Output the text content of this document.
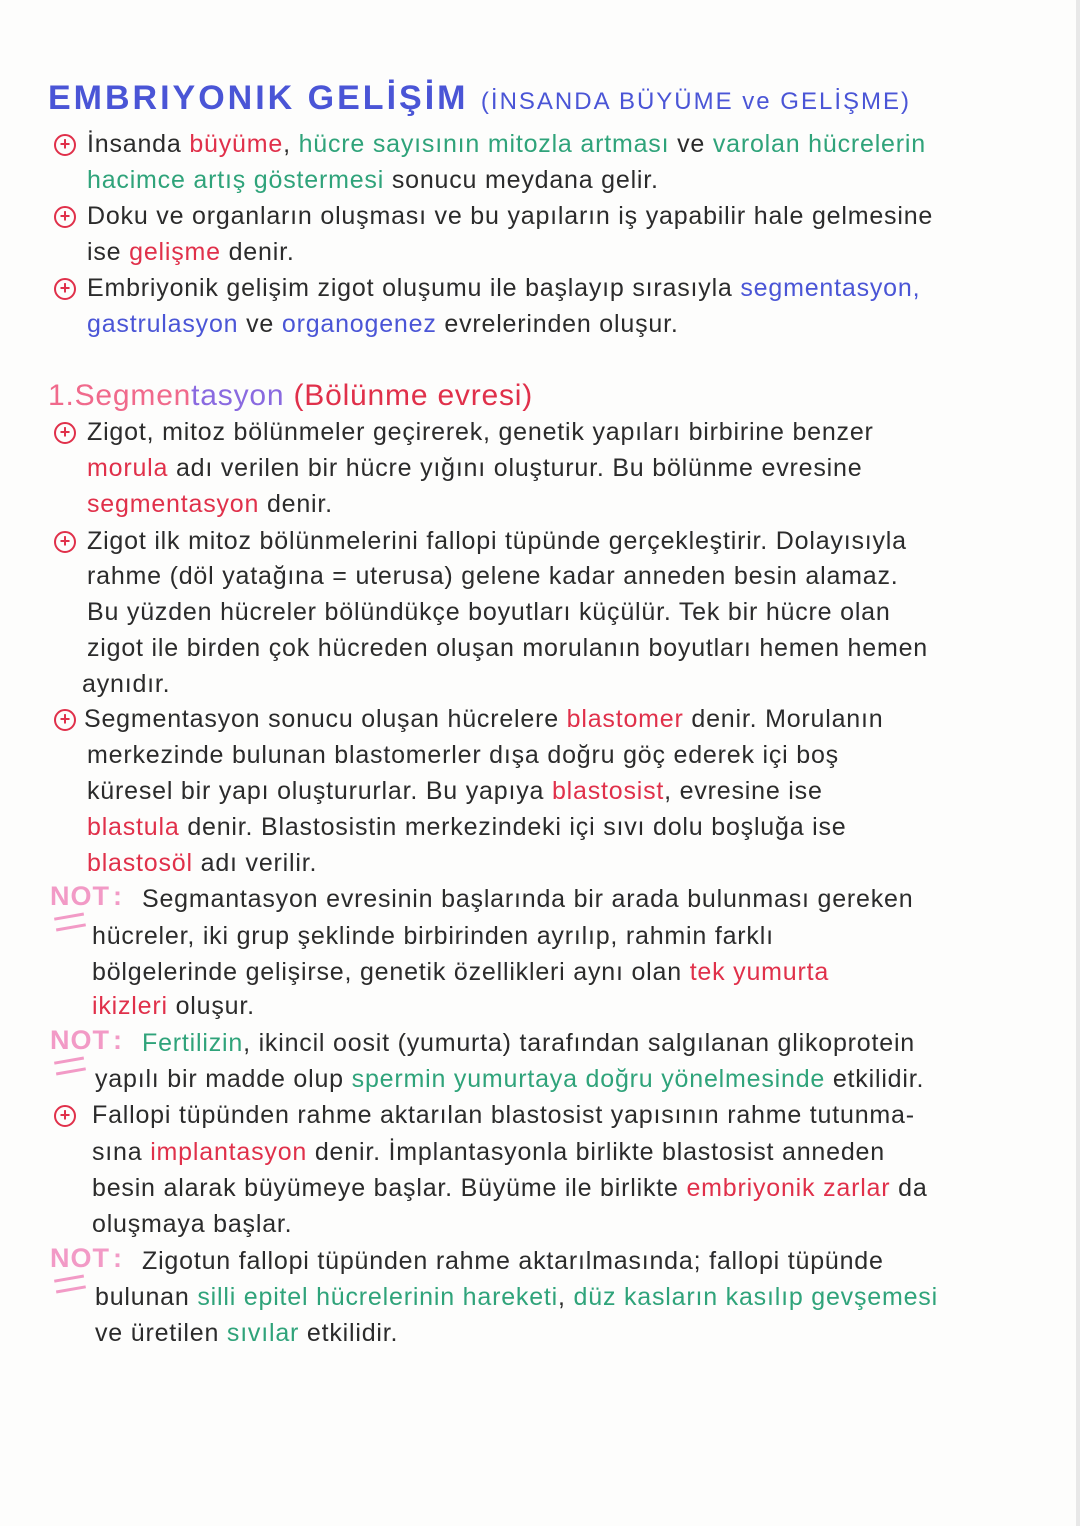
EMBRIYONIK GELİŞİM (İNSANDA BÜYÜME ve GELİŞME)
İnsanda büyüme, hücre sayısının mitozla artması ve varolan hücrelerin
+
hacimce artış göstermesi sonucu meydana gelir.
Doku ve organların oluşması ve bu yapıların iş yapabilir hale gelmesine
+
ise gelişme denir.
Embriyonik gelişim zigot oluşumu ile başlayıp sırasıyla segmentasyon,
+
gastrulasyon ve organogenez evrelerinden oluşur.
1.Segmentasyon (Bölünme evresi)
Zigot, mitoz bölünmeler geçirerek, genetik yapıları birbirine benzer
+
morula adı verilen bir hücre yığını oluşturur. Bu bölünme evresine
segmentasyon denir.
Zigot ilk mitoz bölünmelerini fallopi tüpünde gerçekleştirir. Dolayısıyla
+
rahme (döl yatağına = uterusa) gelene kadar anneden besin alamaz.
Bu yüzden hücreler bölündükçe boyutları küçülür. Tek bir hücre olan
zigot ile birden çok hücreden oluşan morulanın boyutları hemen hemen
aynıdır.
Segmentasyon sonucu oluşan hücrelere blastomer denir. Morulanın
+
merkezinde bulunan blastomerler dışa doğru göç ederek içi boş
küresel bir yapı oluştururlar. Bu yapıya blastosist, evresine ise
blastula denir. Blastosistin merkezindeki içi sıvı dolu boşluğa ise
blastosöl adı verilir.
Segmantasyon evresinin başlarında bir arada bulunması gereken
NOT :
hücreler, iki grup şeklinde birbirinden ayrılıp, rahmin farklı
bölgelerinde gelişirse, genetik özellikleri aynı olan tek yumurta
ikizleri oluşur.
Fertilizin, ikincil oosit (yumurta) tarafından salgılanan glikoprotein
NOT :
yapılı bir madde olup spermin yumurtaya doğru yönelmesinde etkilidir.
Fallopi tüpünden rahme aktarılan blastosist yapısının rahme tutunma-
+
sına implantasyon denir. İmplantasyonla birlikte blastosist anneden
besin alarak büyümeye başlar. Büyüme ile birlikte embriyonik zarlar da
oluşmaya başlar.
Zigotun fallopi tüpünden rahme aktarılmasında; fallopi tüpünde
NOT :
bulunan silli epitel hücrelerinin hareketi, düz kasların kasılıp gevşemesi
ve üretilen sıvılar etkilidir.
